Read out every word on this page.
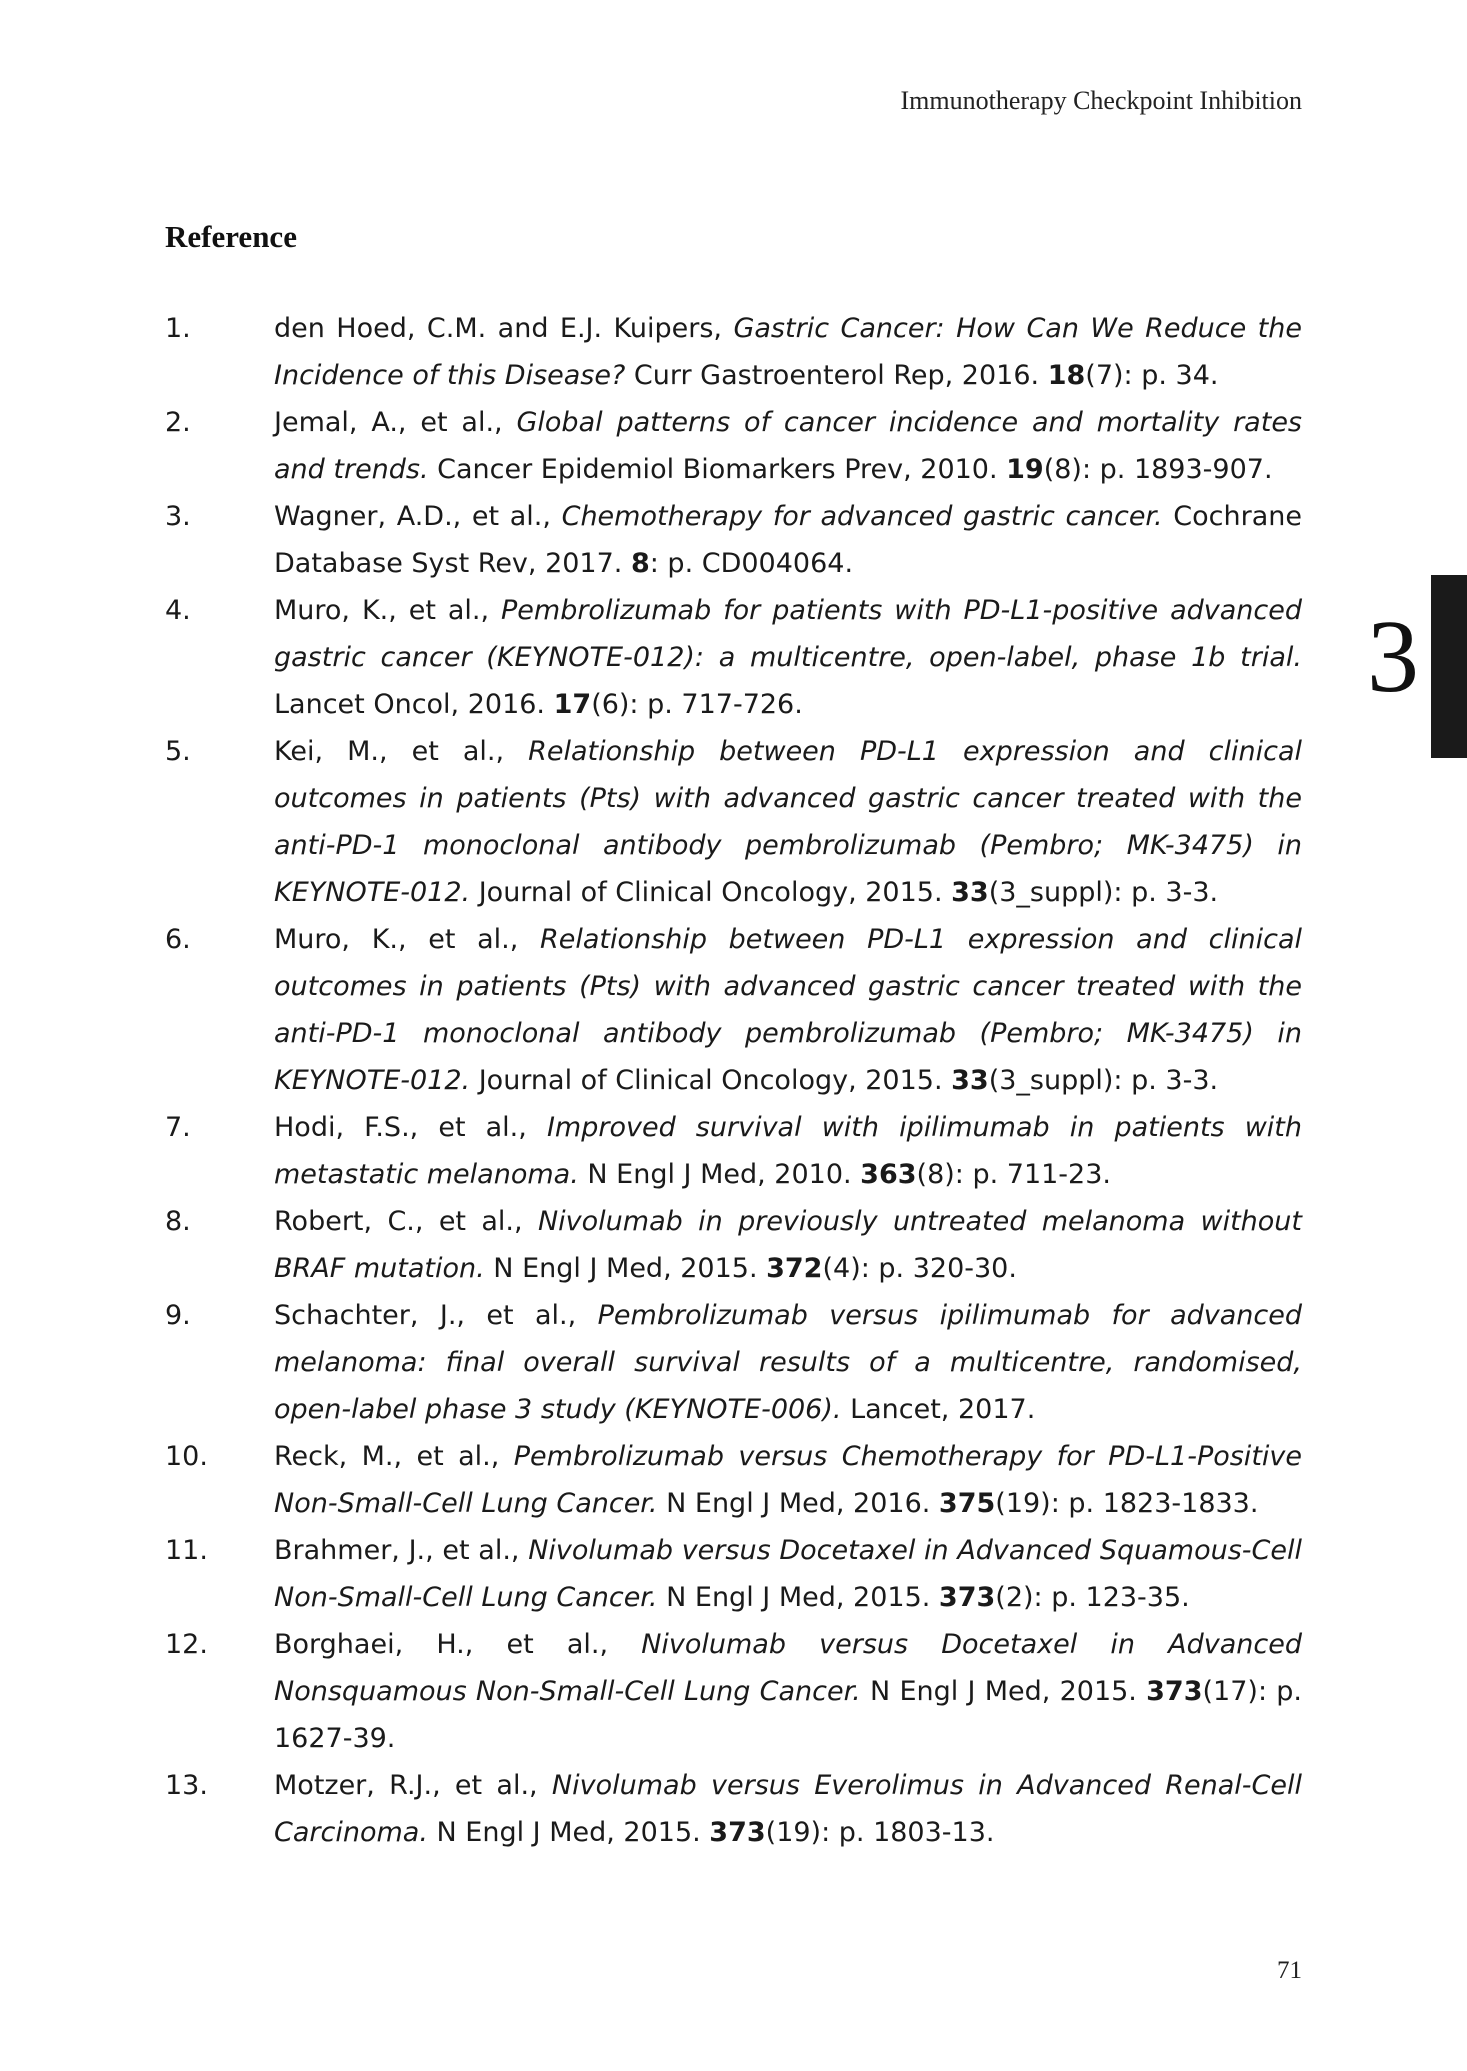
Immunotherapy Checkpoint Inhibition
Reference
1.	den Hoed, C.M. and E.J. Kuipers, Gastric Cancer: How Can We Reduce the Incidence of this Disease? Curr Gastroenterol Rep, 2016. 18(7): p. 34.
2.	Jemal, A., et al., Global patterns of cancer incidence and mortality rates and trends. Cancer Epidemiol Biomarkers Prev, 2010. 19(8): p. 1893-907.
3.	Wagner, A.D., et al., Chemotherapy for advanced gastric cancer. Cochrane Database Syst Rev, 2017. 8: p. CD004064.
4.	Muro, K., et al., Pembrolizumab for patients with PD-L1-positive advanced gastric cancer (KEYNOTE-012): a multicentre, open-label, phase 1b trial. Lancet Oncol, 2016. 17(6): p. 717-726.
5.	Kei, M., et al., Relationship between PD-L1 expression and clinical outcomes in patients (Pts) with advanced gastric cancer treated with the anti-PD-1 monoclonal antibody pembrolizumab (Pembro; MK-3475) in KEYNOTE-012. Journal of Clinical Oncology, 2015. 33(3_suppl): p. 3-3.
6.	Muro, K., et al., Relationship between PD-L1 expression and clinical outcomes in patients (Pts) with advanced gastric cancer treated with the anti-PD-1 monoclonal antibody pembrolizumab (Pembro; MK-3475) in KEYNOTE-012. Journal of Clinical Oncology, 2015. 33(3_suppl): p. 3-3.
7.	Hodi, F.S., et al., Improved survival with ipilimumab in patients with metastatic melanoma. N Engl J Med, 2010. 363(8): p. 711-23.
8.	Robert, C., et al., Nivolumab in previously untreated melanoma without BRAF mutation. N Engl J Med, 2015. 372(4): p. 320-30.
9.	Schachter, J., et al., Pembrolizumab versus ipilimumab for advanced melanoma: final overall survival results of a multicentre, randomised, open-label phase 3 study (KEYNOTE-006). Lancet, 2017.
10. Reck, M., et al., Pembrolizumab versus Chemotherapy for PD-L1-Positive Non-Small-Cell Lung Cancer. N Engl J Med, 2016. 375(19): p. 1823-1833.
11. Brahmer, J., et al., Nivolumab versus Docetaxel in Advanced Squamous-Cell Non-Small-Cell Lung Cancer. N Engl J Med, 2015. 373(2): p. 123-35.
12. Borghaei, H., et al., Nivolumab versus Docetaxel in Advanced Nonsquamous Non-Small-Cell Lung Cancer. N Engl J Med, 2015. 373(17): p. 1627-39.
13. Motzer, R.J., et al., Nivolumab versus Everolimus in Advanced Renal-Cell Carcinoma. N Engl J Med, 2015. 373(19): p. 1803-13.
3
71
